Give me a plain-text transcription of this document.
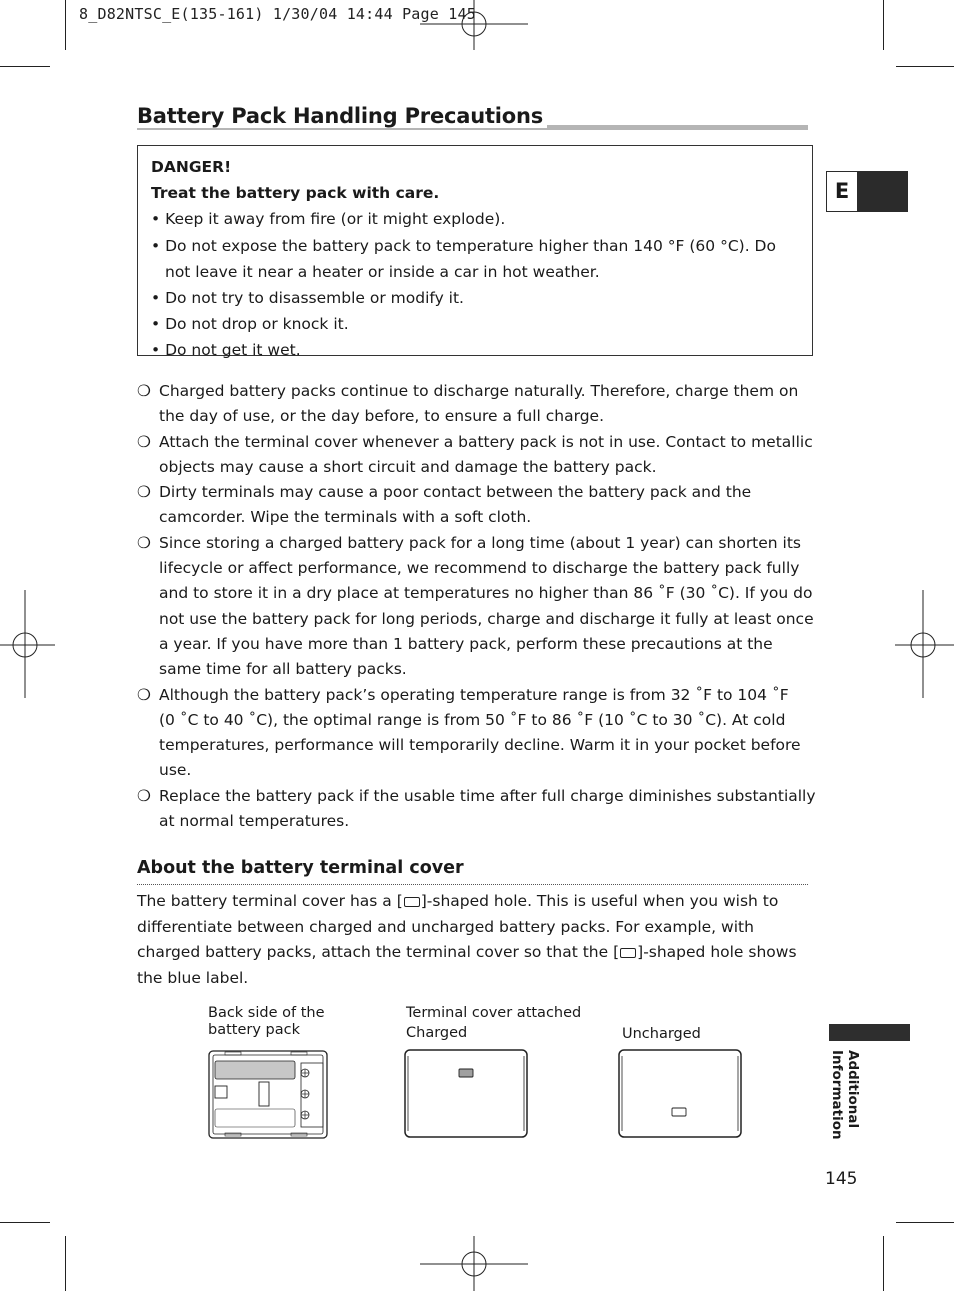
8_D82NTSC_E(135-161) 1/30/04 14:44 Page 145
Battery Pack Handling Precautions
DANGER!
Treat the battery pack with care.
• Keep it away from fire (or it might explode).
• Do not expose the battery pack to temperature higher than 140 °F (60 °C). Do
not leave it near a heater or inside a car in hot weather.
• Do not try to disassemble or modify it.
• Do not drop or knock it.
• Do not get it wet.
❍ Charged battery packs continue to discharge naturally. Therefore, charge them on
the day of use, or the day before, to ensure a full charge.
❍ Attach the terminal cover whenever a battery pack is not in use. Contact to metallic
objects may cause a short circuit and damage the battery pack.
❍ Dirty terminals may cause a poor contact between the battery pack and the
camcorder. Wipe the terminals with a soft cloth.
❍ Since storing a charged battery pack for a long time (about 1 year) can shorten its
lifecycle or affect performance, we recommend to discharge the battery pack fully
and to store it in a dry place at temperatures no higher than 86 ˚F (30 ˚C). If you do
not use the battery pack for long periods, charge and discharge it fully at least once
a year. If you have more than 1 battery pack, perform these precautions at the
same time for all battery packs.
❍ Although the battery pack’s operating temperature range is from 32 ˚F to 104 ˚F
(0 ˚C to 40 ˚C), the optimal range is from 50 ˚F to 86 ˚F (10 ˚C to 30 ˚C). At cold
temperatures, performance will temporarily decline. Warm it in your pocket before
use.
❍ Replace the battery pack if the usable time after full charge diminishes substantially
at normal temperatures.
About the battery terminal cover
The battery terminal cover has a [ ]-shaped hole. This is useful when you wish to
differentiate between charged and uncharged battery packs. For example, with
charged battery packs, attach the terminal cover so that the [ ]-shaped hole shows
the blue label.
Back side of the
battery pack
Terminal cover attached
Charged	Uncharged
E
Additional
Information
145
